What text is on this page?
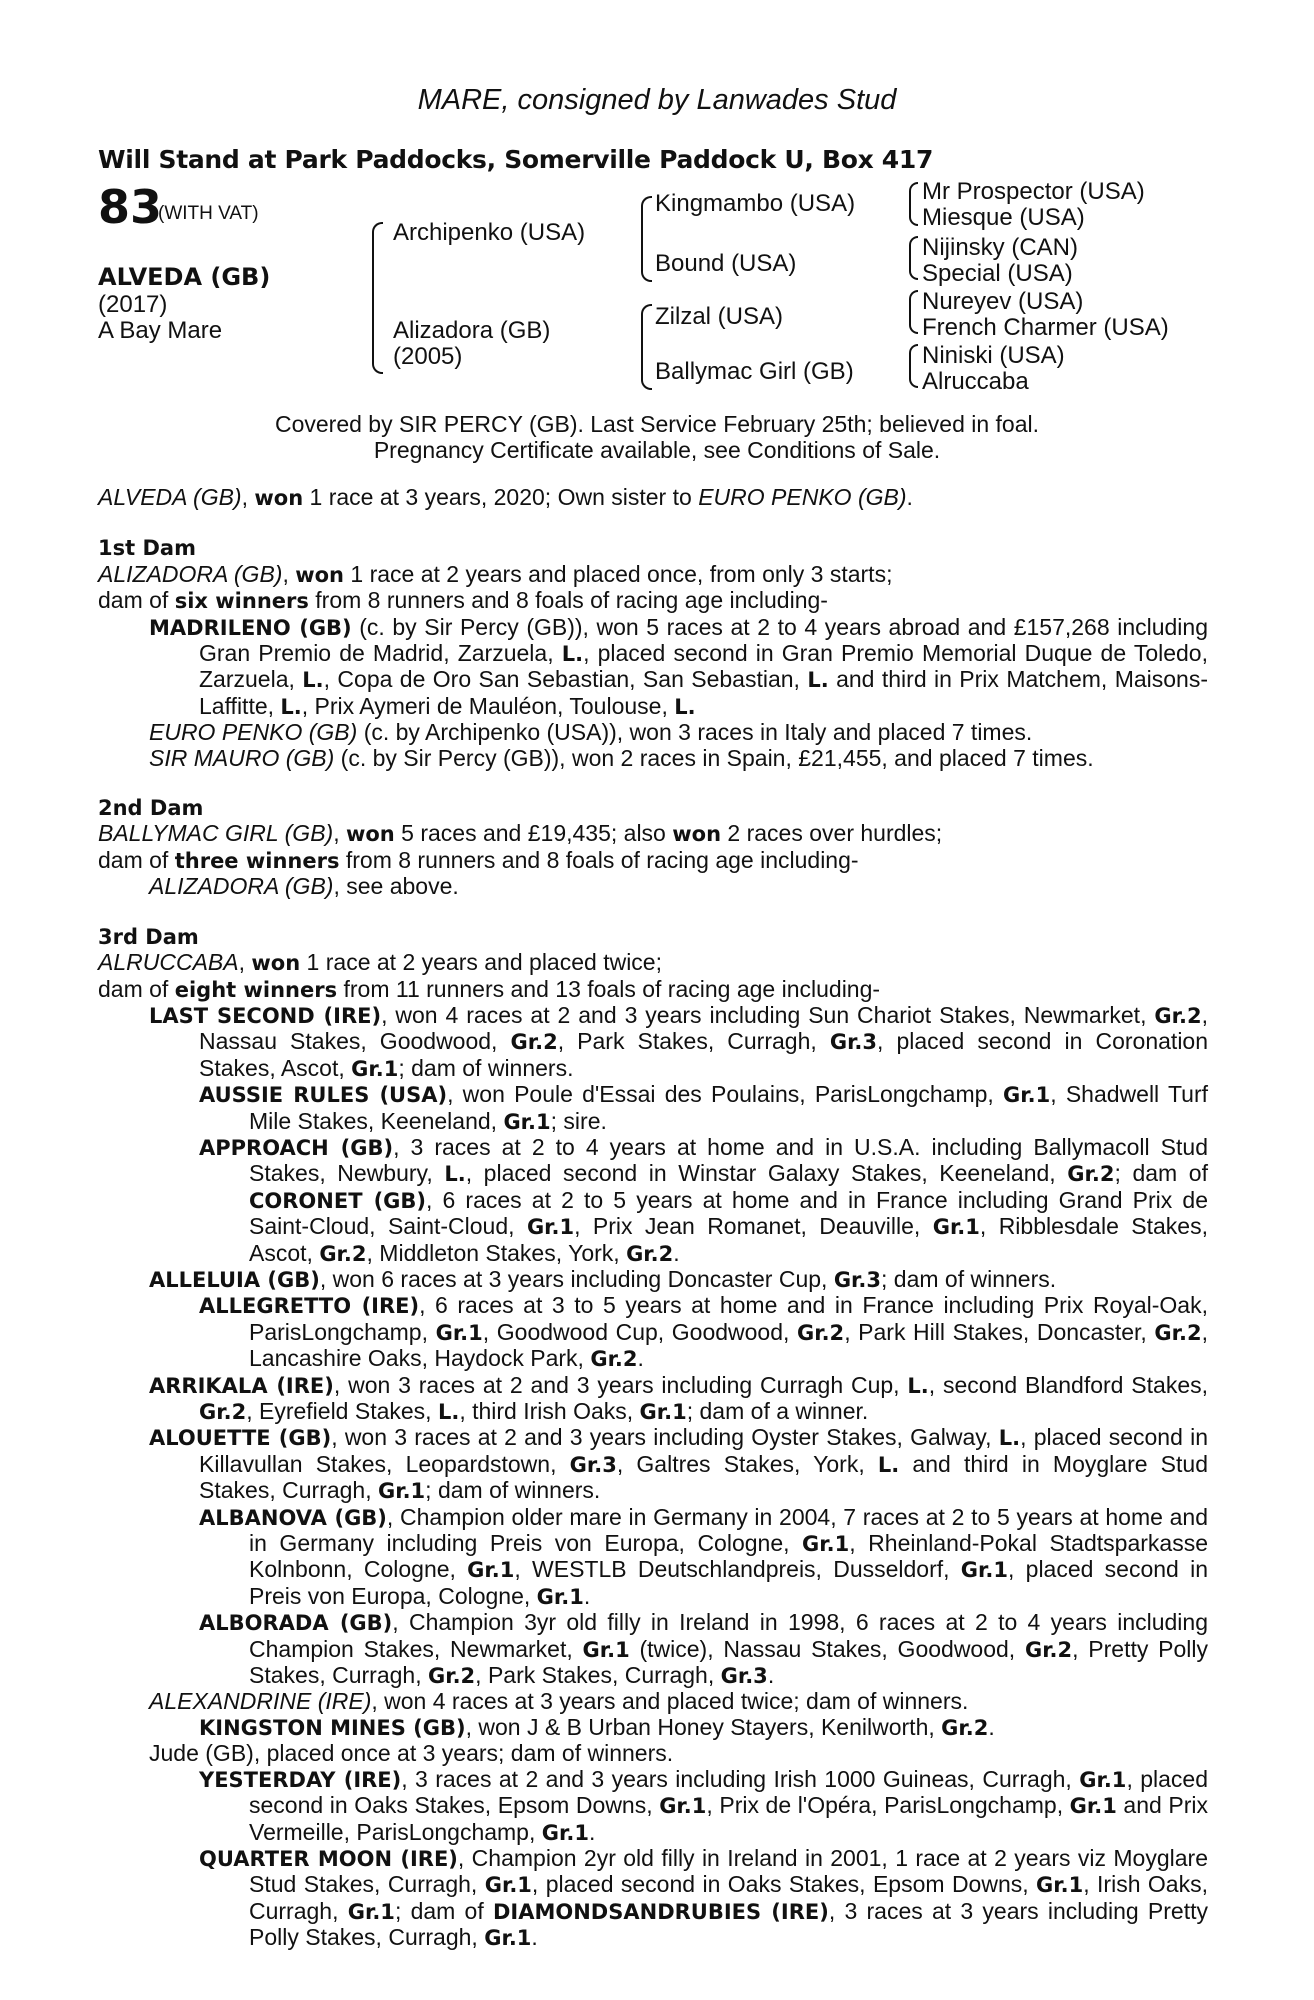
MARE, consigned by Lanwades Stud
Will Stand at Park Paddocks, Somerville Paddock U, Box 417
83
(WITH VAT)
ALVEDA (GB)
(2017)
A Bay Mare
Archipenko (USA)
Alizadora (GB)
(2005)
Kingmambo (USA)
Bound (USA)
Zilzal (USA)
Ballymac Girl (GB)
Mr Prospector (USA)
Miesque (USA)
Nijinsky (CAN)
Special (USA)
Nureyev (USA)
French Charmer (USA)
Niniski (USA)
Alruccaba
Covered by SIR PERCY (GB). Last Service February 25th; believed in foal.
Pregnancy Certificate available, see Conditions of Sale.

ALVEDA (GB), won 1 race at 3 years, 2020; Own sister to EURO PENKO (GB).

1st Dam

ALIZADORA (GB), won 1 race at 2 years and placed once, from only 3 starts;

dam of six winners from 8 runners and 8 foals of racing age including-

MADRILENO (GB) (c. by Sir Percy (GB)), won 5 races at 2 to 4 years abroad and £157,268 including Gran Premio de Madrid, Zarzuela, L., placed second in Gran Premio Memorial Duque de Toledo, Zarzuela, L., Copa de Oro San Sebastian, San Sebastian, L. and third in Prix Matchem, Maisons-Laffitte, L., Prix Aymeri de Mauléon, Toulouse, L.

EURO PENKO (GB) (c. by Archipenko (USA)), won 3 races in Italy and placed 7 times.

SIR MAURO (GB) (c. by Sir Percy (GB)), won 2 races in Spain, £21,455, and placed 7 times.

2nd Dam

BALLYMAC GIRL (GB), won 5 races and £19,435; also won 2 races over hurdles;

dam of three winners from 8 runners and 8 foals of racing age including-

ALIZADORA (GB), see above.

3rd Dam

ALRUCCABA, won 1 race at 2 years and placed twice;

dam of eight winners from 11 runners and 13 foals of racing age including-

LAST SECOND (IRE), won 4 races at 2 and 3 years including Sun Chariot Stakes, Newmarket, Gr.2, Nassau Stakes, Goodwood, Gr.2, Park Stakes, Curragh, Gr.3, placed second in Coronation Stakes, Ascot, Gr.1; dam of winners.

AUSSIE RULES (USA), won Poule d'Essai des Poulains, ParisLongchamp, Gr.1, Shadwell Turf Mile Stakes, Keeneland, Gr.1; sire.

APPROACH (GB), 3 races at 2 to 4 years at home and in U.S.A. including Ballymacoll Stud Stakes, Newbury, L., placed second in Winstar Galaxy Stakes, Keeneland, Gr.2; dam of CORONET (GB), 6 races at 2 to 5 years at home and in France including Grand Prix de Saint-Cloud, Saint-Cloud, Gr.1, Prix Jean Romanet, Deauville, Gr.1, Ribblesdale Stakes, Ascot, Gr.2, Middleton Stakes, York, Gr.2.

ALLELUIA (GB), won 6 races at 3 years including Doncaster Cup, Gr.3; dam of winners.

ALLEGRETTO (IRE), 6 races at 3 to 5 years at home and in France including Prix Royal-Oak, ParisLongchamp, Gr.1, Goodwood Cup, Goodwood, Gr.2, Park Hill Stakes, Doncaster, Gr.2, Lancashire Oaks, Haydock Park, Gr.2.

ARRIKALA (IRE), won 3 races at 2 and 3 years including Curragh Cup, L., second Blandford Stakes, Gr.2, Eyrefield Stakes, L., third Irish Oaks, Gr.1; dam of a winner.

ALOUETTE (GB), won 3 races at 2 and 3 years including Oyster Stakes, Galway, L., placed second in Killavullan Stakes, Leopardstown, Gr.3, Galtres Stakes, York, L. and third in Moyglare Stud Stakes, Curragh, Gr.1; dam of winners.

ALBANOVA (GB), Champion older mare in Germany in 2004, 7 races at 2 to 5 years at home and in Germany including Preis von Europa, Cologne, Gr.1, Rheinland-Pokal Stadtsparkasse Kolnbonn, Cologne, Gr.1, WESTLB Deutschlandpreis, Dusseldorf, Gr.1, placed second in Preis von Europa, Cologne, Gr.1.

ALBORADA (GB), Champion 3yr old filly in Ireland in 1998, 6 races at 2 to 4 years including Champion Stakes, Newmarket, Gr.1 (twice), Nassau Stakes, Goodwood, Gr.2, Pretty Polly Stakes, Curragh, Gr.2, Park Stakes, Curragh, Gr.3.

ALEXANDRINE (IRE), won 4 races at 3 years and placed twice; dam of winners.

KINGSTON MINES (GB), won J & B Urban Honey Stayers, Kenilworth, Gr.2.

Jude (GB), placed once at 3 years; dam of winners.

YESTERDAY (IRE), 3 races at 2 and 3 years including Irish 1000 Guineas, Curragh, Gr.1, placed second in Oaks Stakes, Epsom Downs, Gr.1, Prix de l'Opéra, ParisLongchamp, Gr.1 and Prix Vermeille, ParisLongchamp, Gr.1.

QUARTER MOON (IRE), Champion 2yr old filly in Ireland in 2001, 1 race at 2 years viz Moyglare Stud Stakes, Curragh, Gr.1, placed second in Oaks Stakes, Epsom Downs, Gr.1, Irish Oaks, Curragh, Gr.1; dam of DIAMONDSANDRUBIES (IRE), 3 races at 3 years including Pretty Polly Stakes, Curragh, Gr.1.
